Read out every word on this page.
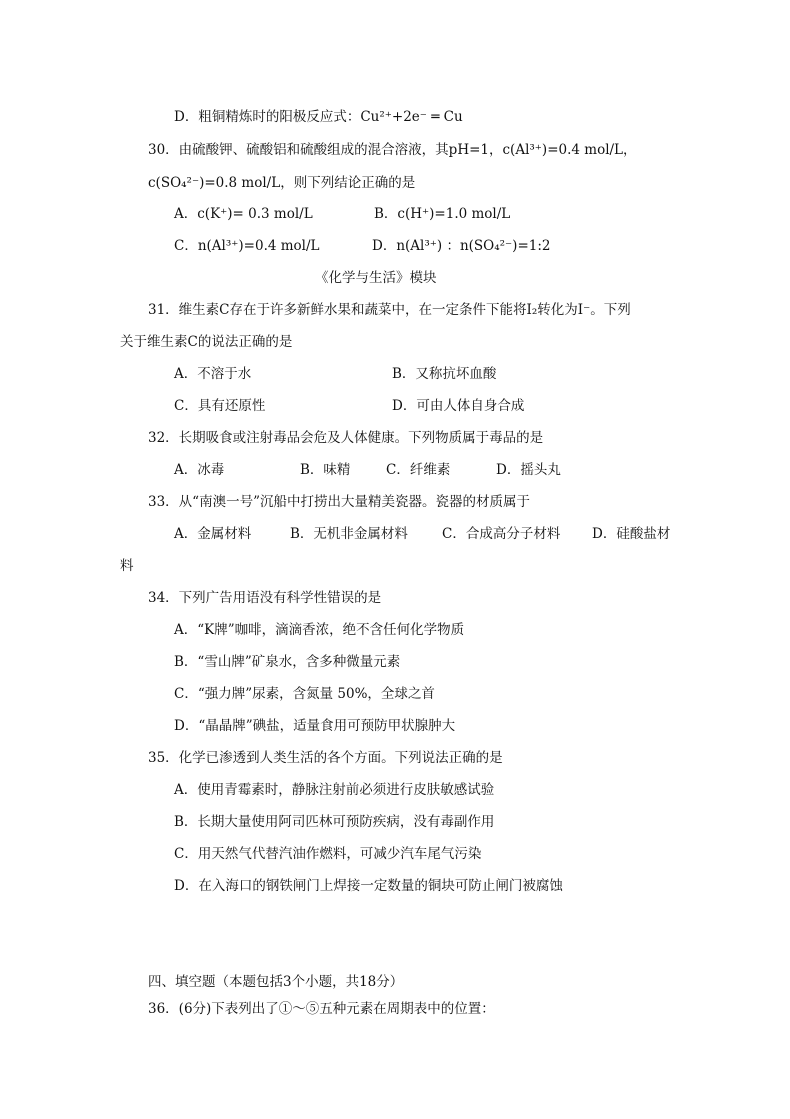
D．粗铜精炼时的阳极反应式：Cu²⁺+2e⁻ ═ Cu
30．由硫酸钾、硫酸铝和硫酸组成的混合溶液，其pH=1，c(Al³⁺)=0.4 mol/L，
c(SO₄²⁻)=0.8 mol/L，则下列结论正确的是
A．c(K⁺)= 0.3 mol/L	B．c(H⁺)=1.0 mol/L
C．n(Al³⁺)=0.4 mol/L	D．n(Al³⁺) ：n(SO₄²⁻)=1:2
《化学与生活》模块
31．维生素C存在于许多新鲜水果和蔬菜中，在一定条件下能将I₂转化为I⁻。下列
关于维生素C的说法正确的是
A．不溶于水	B．又称抗坏血酸
C．具有还原性	D．可由人体自身合成
32．长期吸食或注射毒品会危及人体健康。下列物质属于毒品的是
A．冰毒	B．味精	C．纤维素	D．摇头丸
33．从“南澳一号”沉船中打捞出大量精美瓷器。瓷器的材质属于
A．金属材料	B．无机非金属材料	C．合成高分子材料 D．硅酸盐材
料
34．下列广告用语没有科学性错误的是
A．“K牌”咖啡，滴滴香浓，绝不含任何化学物质
B．“雪山牌”矿泉水，含多种微量元素
C．“强力牌”尿素，含氮量 50%，全球之首
D．“晶晶牌”碘盐，适量食用可预防甲状腺肿大
35．化学已渗透到人类生活的各个方面。下列说法正确的是
A．使用青霉素时，静脉注射前必须进行皮肤敏感试验
B．长期大量使用阿司匹林可预防疾病，没有毒副作用
C．用天然气代替汽油作燃料，可减少汽车尾气污染
D．在入海口的钢铁闸门上焊接一定数量的铜块可防止闸门被腐蚀
四、填空题（本题包括3个小题，共18分）
36．(6分)下表列出了①～⑤五种元素在周期表中的位置：
